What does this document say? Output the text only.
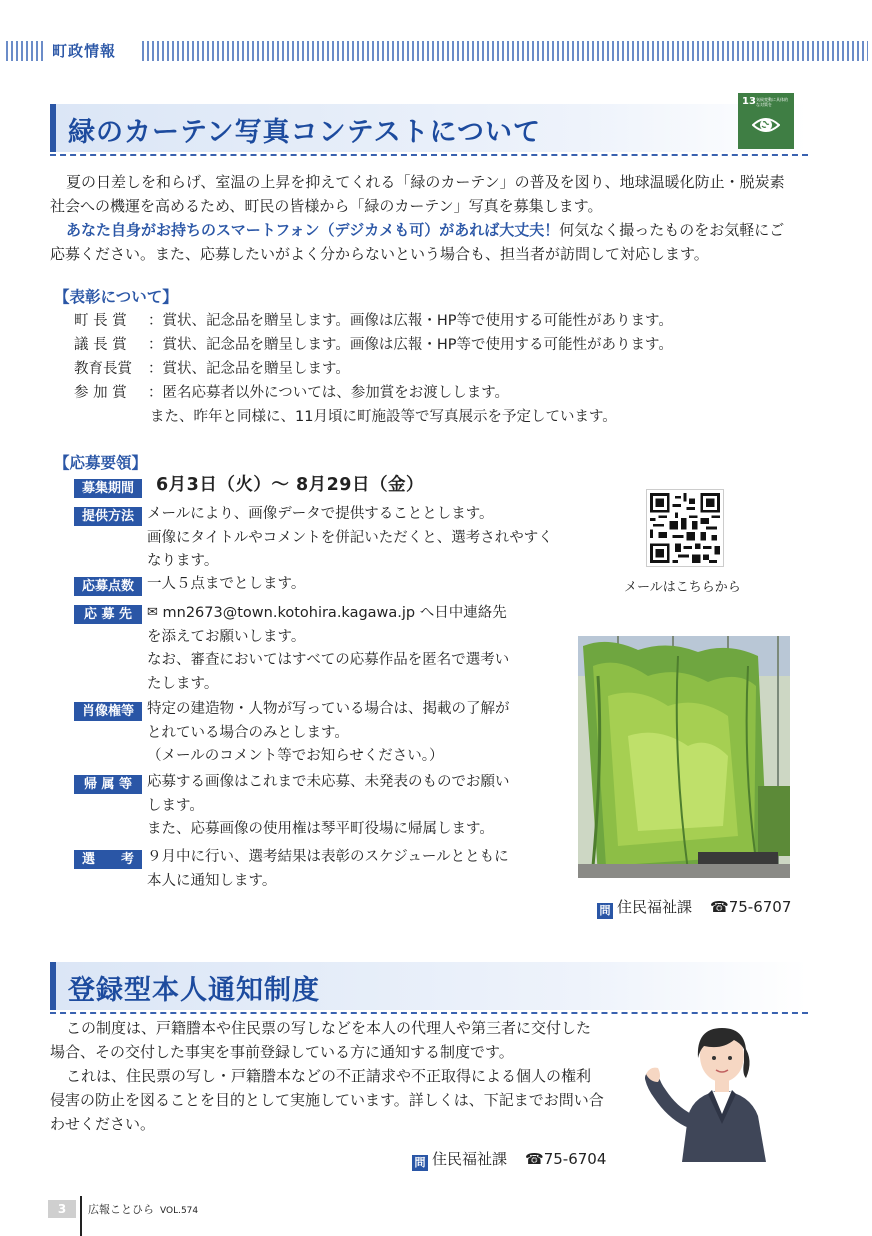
町政情報
緑のカーテン写真コンテストについて
13 気候変動に具体的な対策を
夏の日差しを和らげ、室温の上昇を抑えてくれる「緑のカーテン」の普及を図り、地球温暖化防止・脱炭素
社会への機運を高めるため、町民の皆様から「緑のカーテン」写真を募集します。
あなた自身がお持ちのスマートフォン（デジカメも可）があれば大丈夫！何気なく撮ったものをお気軽にご
応募ください。また、応募したいがよく分からないという場合も、担当者が訪問して対応します。
【表彰について】
町 長 賞 ：賞状、記念品を贈呈します。画像は広報・HP等で使用する可能性があります。
議 長 賞 ：賞状、記念品を贈呈します。画像は広報・HP等で使用する可能性があります。
教育長賞 ：賞状、記念品を贈呈します。
参 加 賞 ：匿名応募者以外については、参加賞をお渡しします。
また、昨年と同様に、11月頃に町施設等で写真展示を予定しています。
【応募要領】
募集期間	6月3日（火）～ 8月29日（金）
提供方法 メールにより、画像データで提供することとします。
画像にタイトルやコメントを併記いただくと、選考されやすく
なります。
応募点数 一人５点までとします。
応 募 先	✉ mn2673@town.kotohira.kagawa.jp へ日中連絡先
を添えてお願いします。
なお、審査においてはすべての応募作品を匿名で選考い
たします。
肖像権等 特定の建造物・人物が写っている場合は、掲載の了解が
とれている場合のみとします。
（メールのコメント等でお知らせください。）
帰 属 等	応募する画像はこれまで未応募、未発表のものでお願い
します。
また、応募画像の使用権は琴平町役場に帰属します。
選　　考 ９月中に行い、選考結果は表彰のスケジュールとともに
本人に通知します。
メールはこちらから
問 住民福祉課 ☎75-6707
登録型本人通知制度
この制度は、戸籍謄本や住民票の写しなどを本人の代理人や第三者に交付した
場合、その交付した事実を事前登録している方に通知する制度です。
これは、住民票の写し・戸籍謄本などの不正請求や不正取得による個人の権利
侵害の防止を図ることを目的として実施しています。詳しくは、下記までお問い合
わせください。
問 住民福祉課 ☎75-6704
3	広報ことひら VOL.574
